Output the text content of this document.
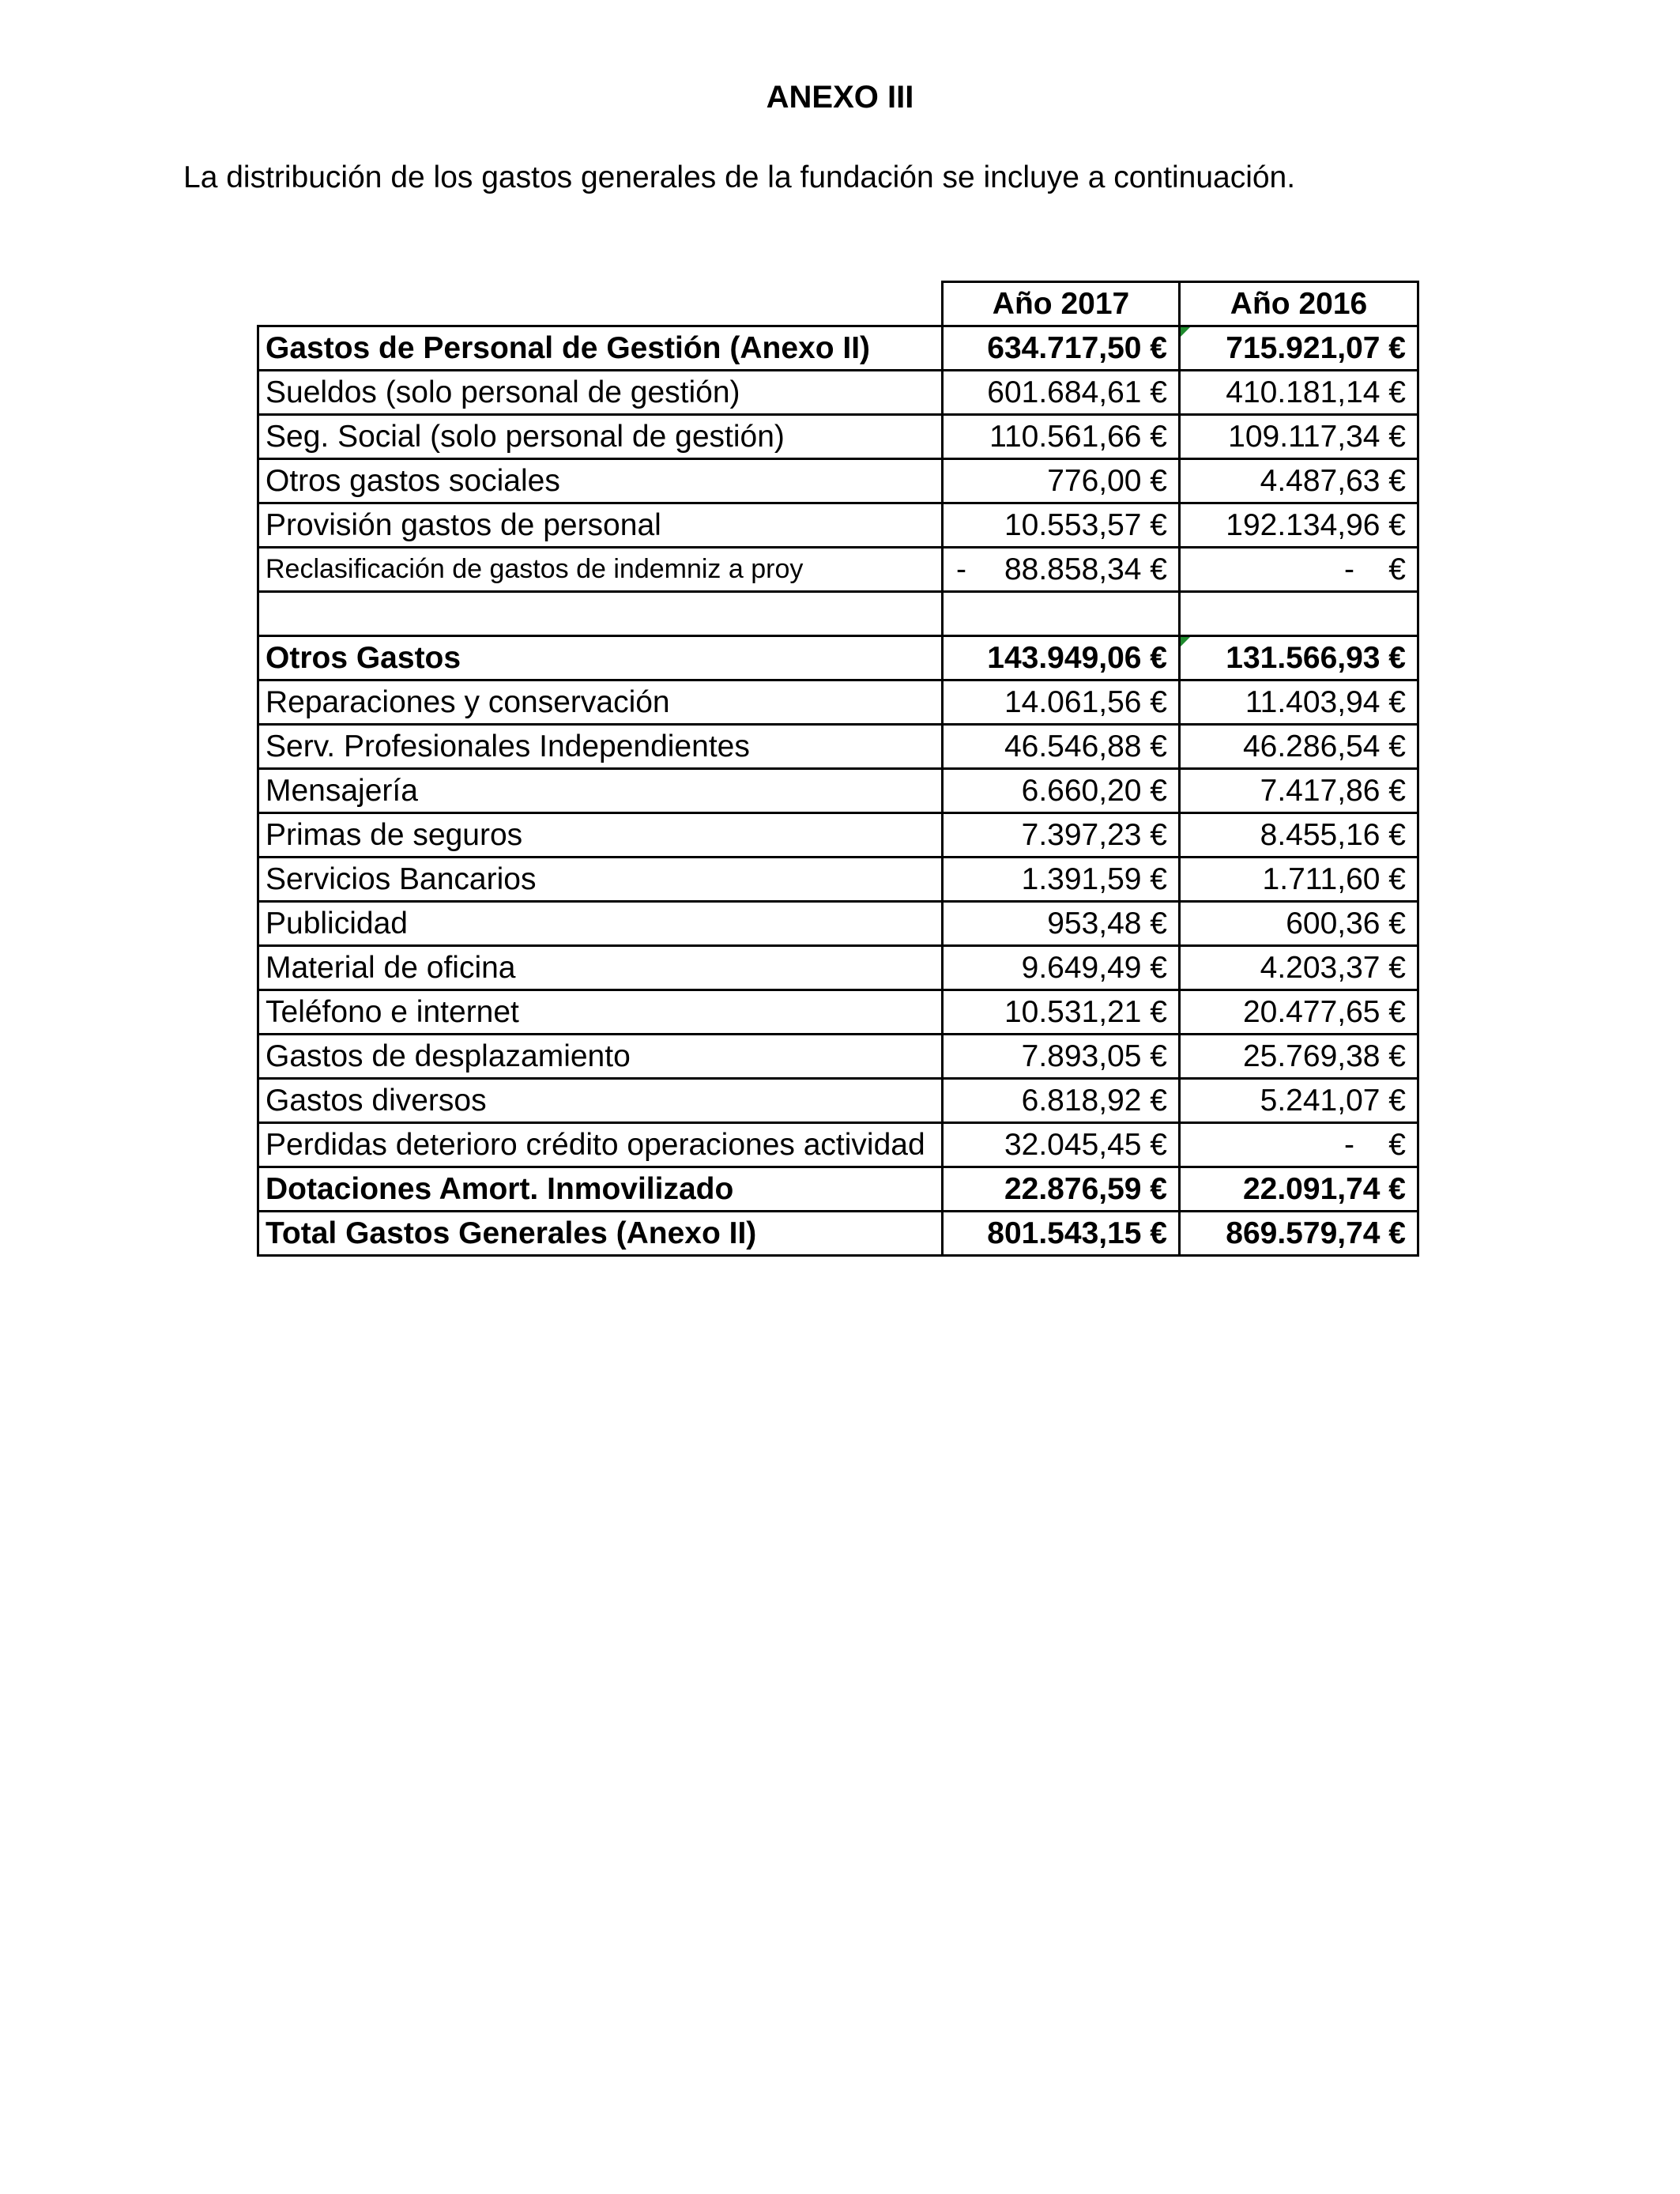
ANEXO III
La distribución de los gastos generales de la fundación se incluye a continuación.
	Año 2017	Año 2016
Gastos de Personal de Gestión (Anexo II)	634.717,50 €	715.921,07 €
Sueldos (solo personal de gestión)	601.684,61 €	410.181,14 €
Seg. Social (solo personal de gestión)	110.561,66 €	109.117,34 €
Otros gastos sociales	776,00 €	4.487,63 €
Provisión gastos de personal	10.553,57 €	192.134,96 €
Reclasificación de gastos de indemniz a proy	- 88.858,34 €	-    €

Otros Gastos	143.949,06 €	131.566,93 €
Reparaciones y conservación	14.061,56 €	11.403,94 €
Serv. Profesionales Independientes	46.546,88 €	46.286,54 €
Mensajería	6.660,20 €	7.417,86 €
Primas de seguros	7.397,23 €	8.455,16 €
Servicios Bancarios	1.391,59 €	1.711,60 €
Publicidad	953,48 €	600,36 €
Material de oficina	9.649,49 €	4.203,37 €
Teléfono e internet	10.531,21 €	20.477,65 €
Gastos de desplazamiento	7.893,05 €	25.769,38 €
Gastos diversos	6.818,92 €	5.241,07 €
Perdidas deterioro crédito operaciones actividad	32.045,45 €	-    €
Dotaciones Amort. Inmovilizado	22.876,59 €	22.091,74 €
Total Gastos Generales (Anexo II)	801.543,15 €	869.579,74 €
